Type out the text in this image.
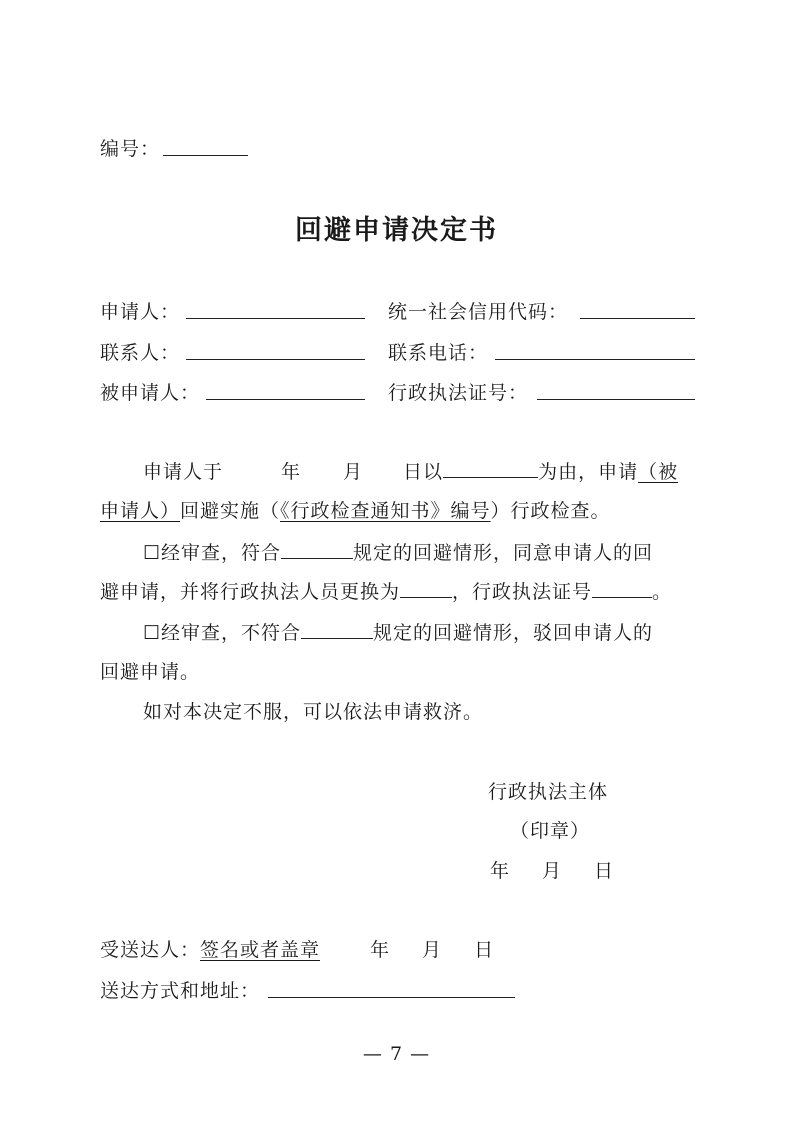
编号：
回避申请决定书
申请人：	统一社会信用代码：
联系人：	联系电话：
被申请人：	行政执法证号：
申请人于	年 月 日以	为由，申请（被
申请人）回避实施（《行政检查通知书》编号）行政检查。
☐经审查，符合	规定的回避情形，同意申请人的回
避申请，并将行政执法人员更换为	，行政执法证号	。
☐经审查，不符合	规定的回避情形，驳回申请人的
回避申请。
如对本决定不服，可以依法申请救济。
行政执法主体
（印章）
年 月 日
受送达人：签名或者盖章	年 月 日
送达方式和地址：
— 7 —
